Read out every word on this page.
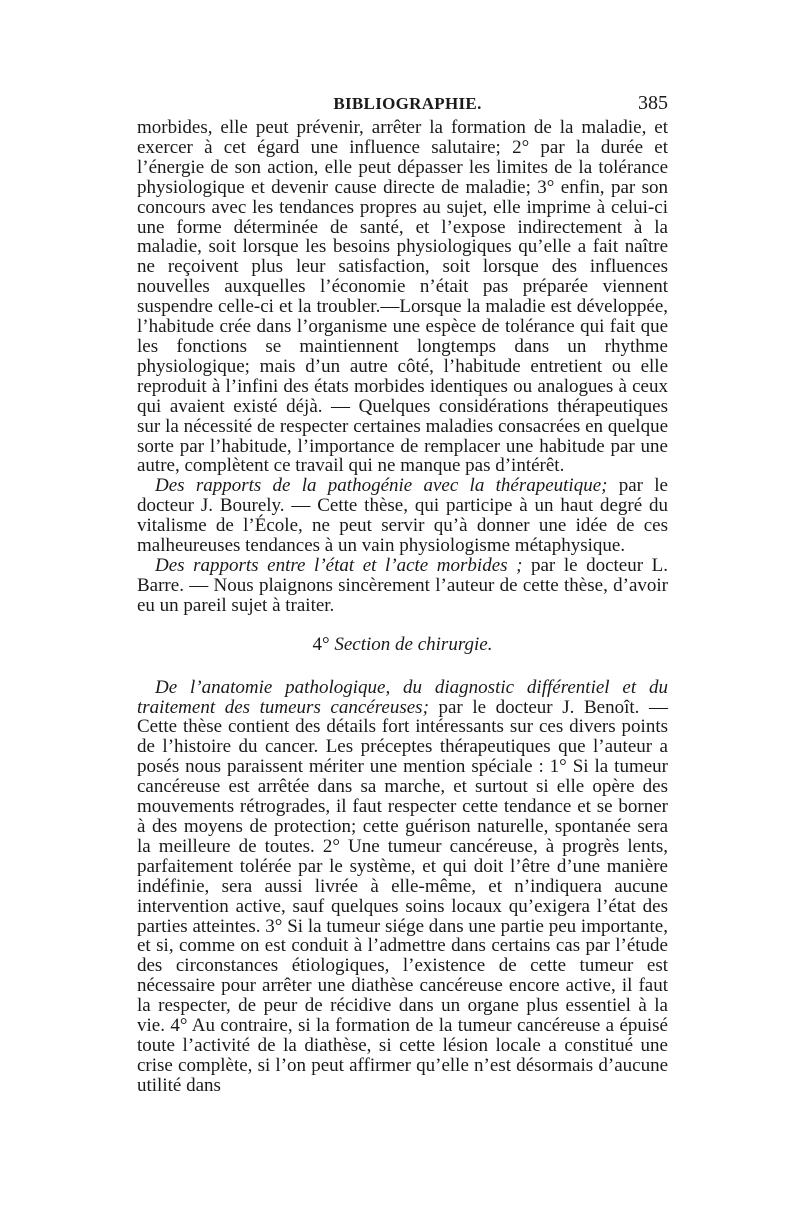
BIBLIOGRAPHIE.	385

morbides, elle peut prévenir, arrêter la formation de la maladie, et exercer à cet égard une influence salutaire; 2° par la durée et l’énergie de son action, elle peut dépasser les limites de la tolérance physiologique et devenir cause directe de maladie; 3° enfin, par son concours avec les tendances propres au sujet, elle imprime à celui-ci une forme déterminée de santé, et l’expose indirectement à la maladie, soit lorsque les besoins physiologiques qu’elle a fait naître ne reçoivent plus leur satisfaction, soit lorsque des influences nouvelles auxquelles l’économie n’était pas préparée viennent suspendre celle-ci et la troubler.—Lorsque la maladie est développée, l’habitude crée dans l’organisme une espèce de tolérance qui fait que les fonctions se maintiennent longtemps dans un rhythme physiologique; mais d’un autre côté, l’habitude entretient ou elle reproduit à l’infini des états morbides identiques ou analogues à ceux qui avaient existé déjà. — Quelques considérations thérapeutiques sur la nécessité de respecter certaines maladies consacrées en quelque sorte par l’habitude, l’importance de remplacer une habitude par une autre, complètent ce travail qui ne manque pas d’intérêt.

Des rapports de la pathogénie avec la thérapeutique; par le docteur J. Bourely. — Cette thèse, qui participe à un haut degré du vitalisme de l’École, ne peut servir qu’à donner une idée de ces malheureuses tendances à un vain physiologisme métaphysique.

Des rapports entre l’état et l’acte morbides ; par le docteur L. Barre. — Nous plaignons sincèrement l’auteur de cette thèse, d’avoir eu un pareil sujet à traiter.

4° Section de chirurgie.

De l’anatomie pathologique, du diagnostic différentiel et du traitement des tumeurs cancéreuses; par le docteur J. Benoît. — Cette thèse contient des détails fort intéressants sur ces divers points de l’histoire du cancer. Les préceptes thérapeutiques que l’auteur a posés nous paraissent mériter une mention spéciale : 1° Si la tumeur cancéreuse est arrêtée dans sa marche, et surtout si elle opère des mouvements rétrogrades, il faut respecter cette tendance et se borner à des moyens de protection; cette guérison naturelle, spontanée sera la meilleure de toutes. 2° Une tumeur cancéreuse, à progrès lents, parfaitement tolérée par le système, et qui doit l’être d’une manière indéfinie, sera aussi livrée à elle-même, et n’indiquera aucune intervention active, sauf quelques soins locaux qu’exigera l’état des parties atteintes. 3° Si la tumeur siége dans une partie peu importante, et si, comme on est conduit à l’admettre dans certains cas par l’étude des circonstances étiologiques, l’existence de cette tumeur est nécessaire pour arrêter une diathèse cancéreuse encore active, il faut la respecter, de peur de récidive dans un organe plus essentiel à la vie. 4° Au contraire, si la formation de la tumeur cancéreuse a épuisé toute l’activité de la diathèse, si cette lésion locale a constitué une crise complète, si l’on peut affirmer qu’elle n’est désormais d’aucune utilité dans
